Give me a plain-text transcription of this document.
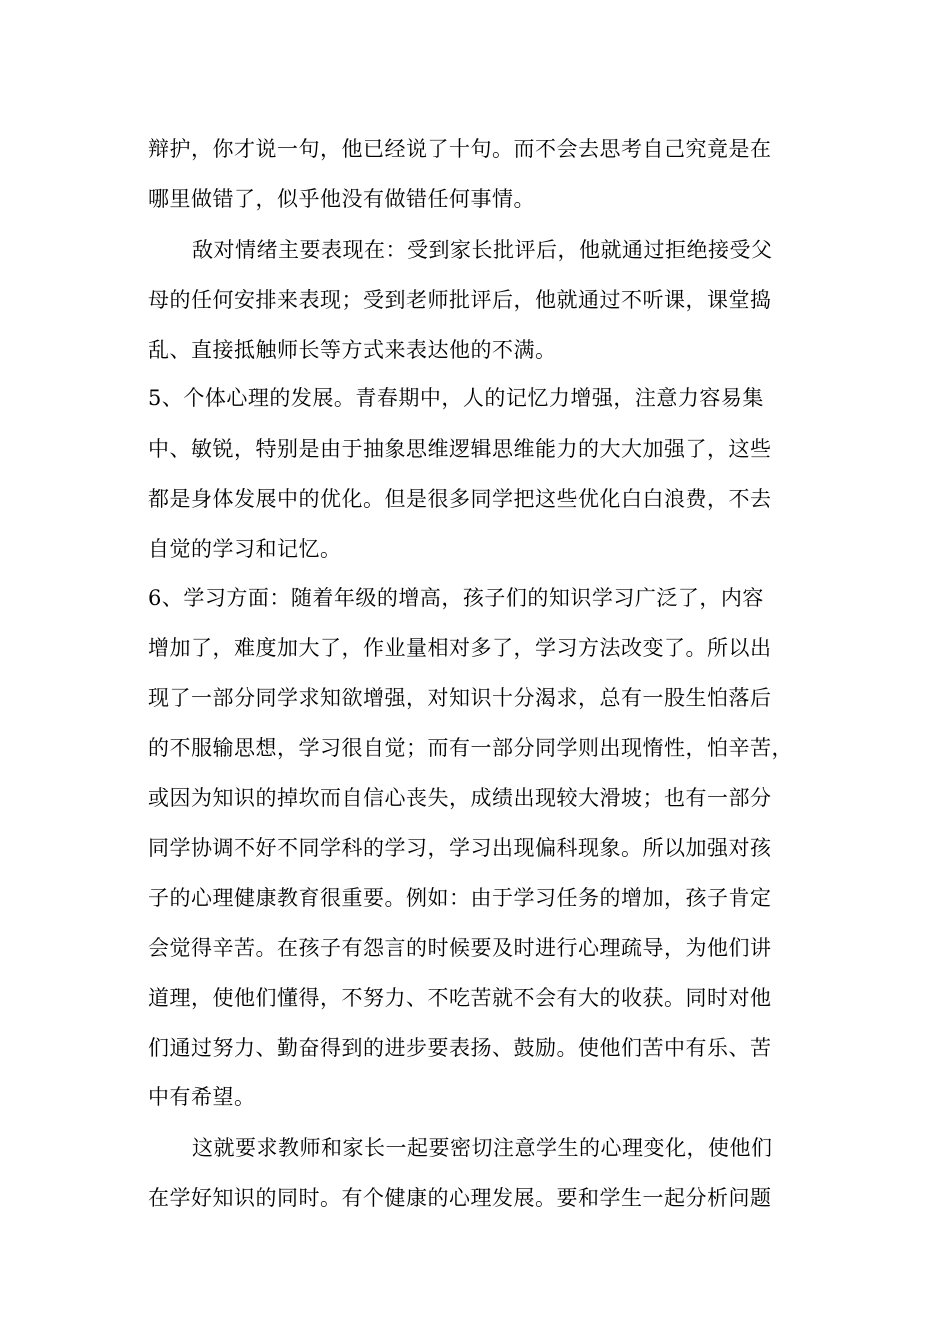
辩护，你才说一句，他已经说了十句。而不会去思考自己究竟是在
哪里做错了，似乎他没有做错任何事情。
敌对情绪主要表现在：受到家长批评后，他就通过拒绝接受父
母的任何安排来表现；受到老师批评后，他就通过不听课，课堂捣
乱、直接抵触师长等方式来表达他的不满。
5、个体心理的发展。青春期中，人的记忆力增强，注意力容易集
中、敏锐，特别是由于抽象思维逻辑思维能力的大大加强了，这些
都是身体发展中的优化。但是很多同学把这些优化白白浪费，不去
自觉的学习和记忆。
6、学习方面：随着年级的增高，孩子们的知识学习广泛了，内容
增加了，难度加大了，作业量相对多了，学习方法改变了。所以出
现了一部分同学求知欲增强，对知识十分渴求，总有一股生怕落后
的不服输思想，学习很自觉；而有一部分同学则出现惰性，怕辛苦，
或因为知识的掉坎而自信心丧失，成绩出现较大滑坡；也有一部分
同学协调不好不同学科的学习，学习出现偏科现象。所以加强对孩
子的心理健康教育很重要。例如：由于学习任务的增加，孩子肯定
会觉得辛苦。在孩子有怨言的时候要及时进行心理疏导，为他们讲
道理，使他们懂得，不努力、不吃苦就不会有大的收获。同时对他
们通过努力、勤奋得到的进步要表扬、鼓励。使他们苦中有乐、苦
中有希望。
这就要求教师和家长一起要密切注意学生的心理变化，使他们
在学好知识的同时。有个健康的心理发展。要和学生一起分析问题
